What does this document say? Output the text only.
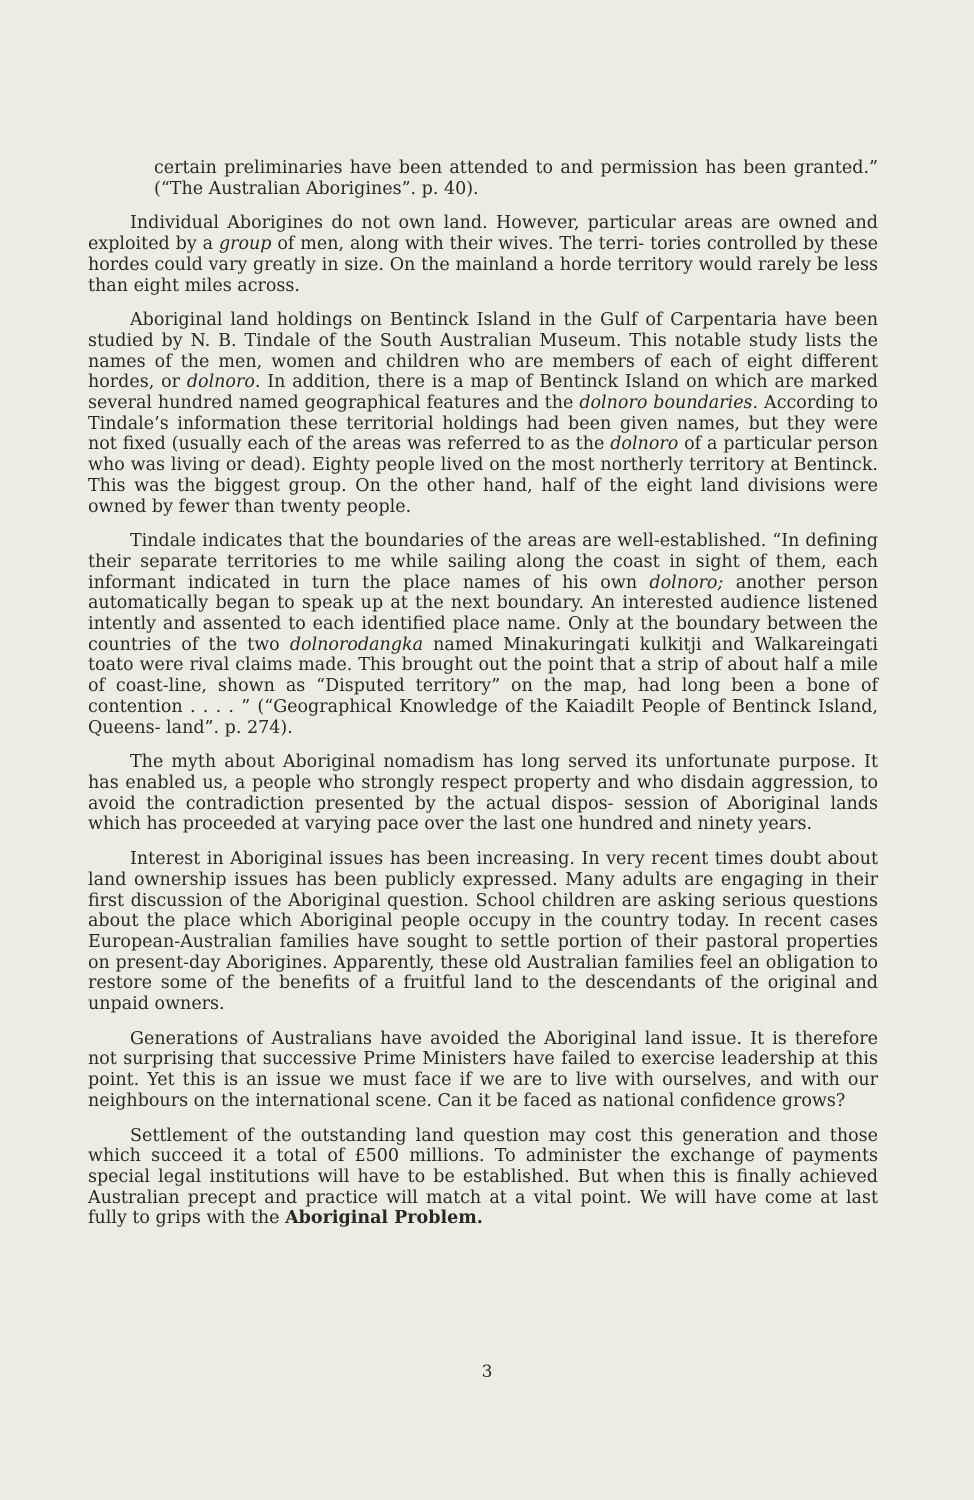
certain preliminaries have been attended to and permission has been granted.” (“The Australian Aborigines”. p. 40).

Individual Aborigines do not own land. However, particular areas are owned and exploited by a group of men, along with their wives. The terri- tories controlled by these hordes could vary greatly in size. On the mainland a horde territory would rarely be less than eight miles across.

Aboriginal land holdings on Bentinck Island in the Gulf of Carpentaria have been studied by N. B. Tindale of the South Australian Museum. This notable study lists the names of the men, women and children who are members of each of eight different hordes, or dolnoro. In addition, there is a map of Bentinck Island on which are marked several hundred named geographical features and the dolnoro boundaries. According to Tindale’s information these territorial holdings had been given names, but they were not fixed (usually each of the areas was referred to as the dolnoro of a particular person who was living or dead). Eighty people lived on the most northerly territory at Bentinck. This was the biggest group. On the other hand, half of the eight land divisions were owned by fewer than twenty people.

Tindale indicates that the boundaries of the areas are well-established. “In defining their separate territories to me while sailing along the coast in sight of them, each informant indicated in turn the place names of his own dolnoro; another person automatically began to speak up at the next boundary. An interested audience listened intently and assented to each identified place name. Only at the boundary between the countries of the two dolnorodangka named Minakuringati kulkitji and Walkareingati toato were rival claims made. This brought out the point that a strip of about half a mile of coast-line, shown as “Disputed territory” on the map, had long been a bone of contention . . . . ” (“Geographical Knowledge of the Kaiadilt People of Bentinck Island, Queens- land”. p. 274).

The myth about Aboriginal nomadism has long served its unfortunate purpose. It has enabled us, a people who strongly respect property and who disdain aggression, to avoid the contradiction presented by the actual dispos- session of Aboriginal lands which has proceeded at varying pace over the last one hundred and ninety years.

Interest in Aboriginal issues has been increasing. In very recent times doubt about land ownership issues has been publicly expressed. Many adults are engaging in their first discussion of the Aboriginal question. School children are asking serious questions about the place which Aboriginal people occupy in the country today. In recent cases European-Australian families have sought to settle portion of their pastoral properties on present-day Aborigines. Apparently, these old Australian families feel an obligation to restore some of the benefits of a fruitful land to the descendants of the original and unpaid owners.

Generations of Australians have avoided the Aboriginal land issue. It is therefore not surprising that successive Prime Ministers have failed to exercise leadership at this point. Yet this is an issue we must face if we are to live with ourselves, and with our neighbours on the international scene. Can it be faced as national confidence grows?

Settlement of the outstanding land question may cost this generation and those which succeed it a total of £500 millions. To administer the exchange of payments special legal institutions will have to be established. But when this is finally achieved Australian precept and practice will match at a vital point. We will have come at last fully to grips with the Aboriginal Problem.

3
